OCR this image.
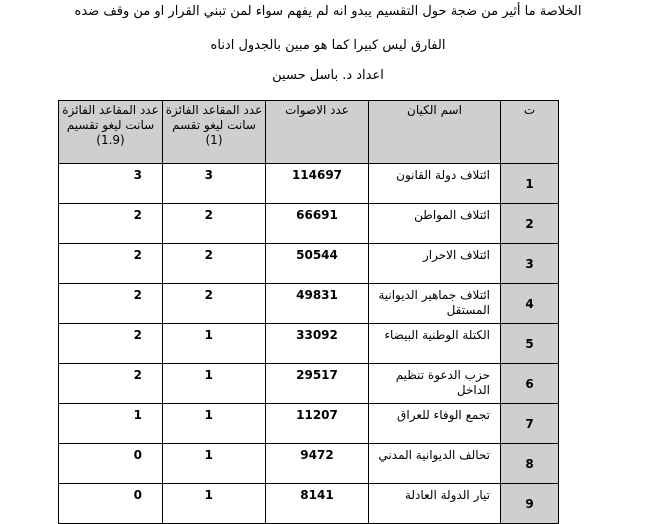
الخلاصة ما أثير من ضجة حول التقسيم يبدو انه لم يفهم سواء لمن تبني القرار او من وقف ضده
الفارق ليس كبيرا كما هو مبين بالجدول ادناه
اعداد د. باسل حسين
ت	اسم الكيان	عدد الاصوات	عدد المقاعد الفائزة سانت ليغو تقسم (1)	عدد المقاعد الفائزة سانت ليغو تقسيم (1.9)
1	ائتلاف دولة القانون	114697	3	3
2	ائتلاف المواطن	66691	2	2
3	ائتلاف الاحرار	50544	2	2
4	ائتلاف جماهير الديوانية المستقل	49831	2	2
5	الكتلة الوطنية البيضاء	33092	1	2
6	حزب الدعوة تنظيم الداخل	29517	1	2
7	تجمع الوفاء للعراق	11207	1	1
8	تحالف الديوانية المدني	9472	1	0
9	تيار الدولة العادلة	8141	1	0
